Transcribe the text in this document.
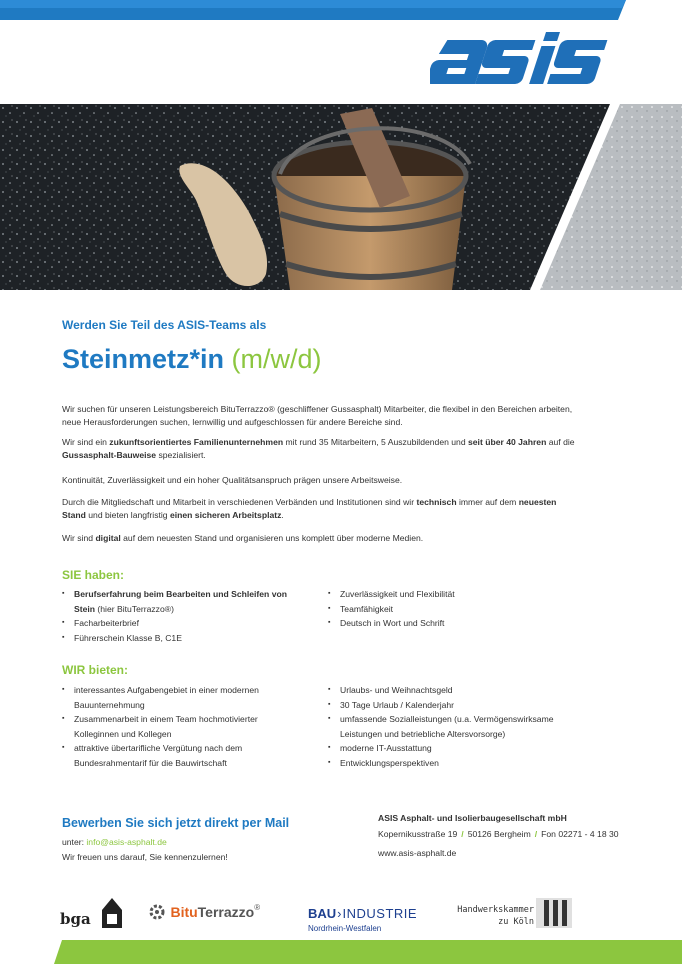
Werden Sie Teil des ASIS-Teams als
Steinmetz*in (m/w/d)
Wir suchen für unseren Leistungsbereich BituTerrazzo® (geschliffener Gussasphalt) Mitarbeiter, die flexibel in den Bereichen arbeiten, neue Herausforderungen suchen, lernwillig und aufgeschlossen für andere Bereiche sind.
Wir sind ein zukunftsorientiertes Familienunternehmen mit rund 35 Mitarbeitern, 5 Auszubildenden und seit über 40 Jahren auf die Gussasphalt-Bauweise spezialisiert.
Kontinuität, Zuverlässigkeit und ein hoher Qualitätsanspruch prägen unsere Arbeitsweise.
Durch die Mitgliedschaft und Mitarbeit in verschiedenen Verbänden und Institutionen sind wir technisch immer auf dem neuesten Stand und bieten langfristig einen sicheren Arbeitsplatz.
Wir sind digital auf dem neuesten Stand und organisieren uns komplett über moderne Medien.
SIE haben:
▪ Berufserfahrung beim Bearbeiten und Schleifen von Stein (hier BituTerrazzo®)
▪ Facharbeiterbrief
▪ Führerschein Klasse B, C1E
▪ Zuverlässigkeit und Flexibilität
▪ Teamfähigkeit
▪ Deutsch in Wort und Schrift
WIR bieten:
▪ interessantes Aufgabengebiet in einer modernen Bauunternehmung
▪ Zusammenarbeit in einem Team hochmotivierter Kolleginnen und Kollegen
▪ attraktive übertarifliche Vergütung nach dem Bundesrahmentarif für die Bauwirtschaft
▪ Urlaubs- und Weihnachtsgeld
▪ 30 Tage Urlaub / Kalenderjahr
▪ umfassende Sozialleistungen (u.a. Vermögenswirksame Leistungen und betriebliche Altersvorsorge)
▪ moderne IT-Ausstattung
▪ Entwicklungsperspektiven
Bewerben Sie sich jetzt direkt per Mail
unter: info@asis-asphalt.de
Wir freuen uns darauf, Sie kennenzulernen!
ASIS Asphalt- und Isolierbaugesellschaft mbH
Kopernikusstraße 19 / 50126 Bergheim / Fon 02271 - 4 18 30
www.asis-asphalt.de
bga	BituTerrazzo®	BAU›INDUSTRIE
Nordrhein-Westfalen
Handwerkskammer
zu Köln
